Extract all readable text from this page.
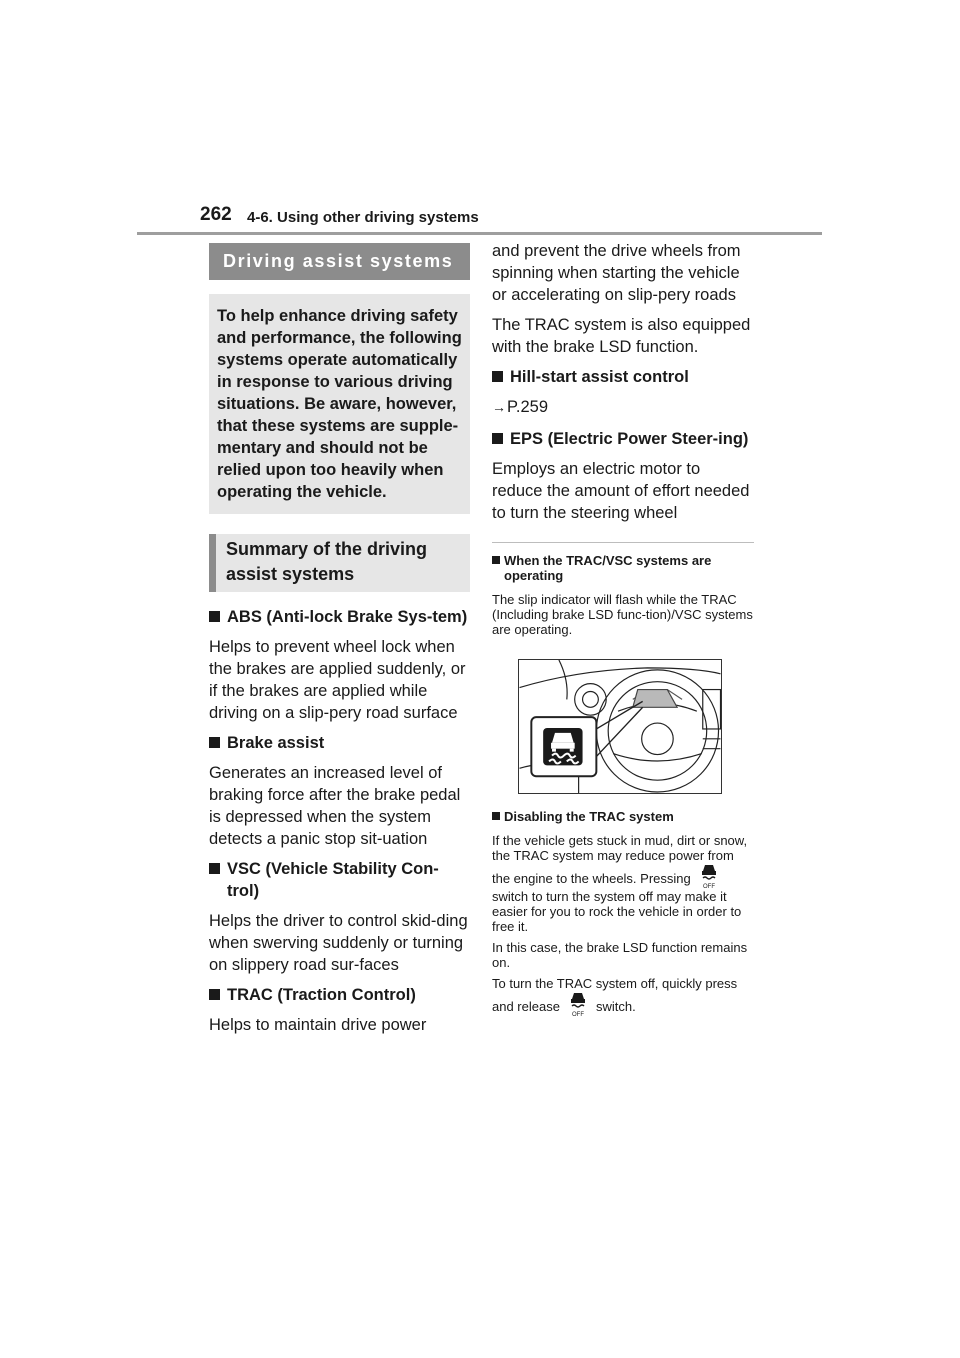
262 4-6. Using other driving systems
Driving assist systems
To help enhance driving safety and performance, the following systems operate automatically in response to various driving situations. Be aware, however, that these systems are supple-mentary and should not be relied upon too heavily when operating the vehicle.
Summary of the driving assist systems
ABS (Anti-lock Brake Sys-tem)
Helps to prevent wheel lock when the brakes are applied suddenly, or if the brakes are applied while driving on a slip-pery road surface
Brake assist
Generates an increased level of braking force after the brake pedal is depressed when the system detects a panic stop sit-uation
VSC (Vehicle Stability Con-trol)
Helps the driver to control skid-ding when swerving suddenly or turning on slippery road sur-faces
TRAC (Traction Control)
Helps to maintain drive power
and prevent the drive wheels from spinning when starting the vehicle or accelerating on slip-pery roads
The TRAC system is also equipped with the brake LSD function.
Hill-start assist control
→P.259
EPS (Electric Power Steer-ing)
Employs an electric motor to reduce the amount of effort needed to turn the steering wheel
When the TRAC/VSC systems are operating
The slip indicator will flash while the TRAC (Including brake LSD func-tion)/VSC systems are operating.
Disabling the TRAC system
If the vehicle gets stuck in mud, dirt or snow, the TRAC system may reduce power from the engine to the wheels. Pressing
OFF
switch to turn the system off may make it easier for you to rock the vehicle in order to free it.
In this case, the brake LSD function remains on.
To turn the TRAC system off, quickly press and release
OFF
switch.
